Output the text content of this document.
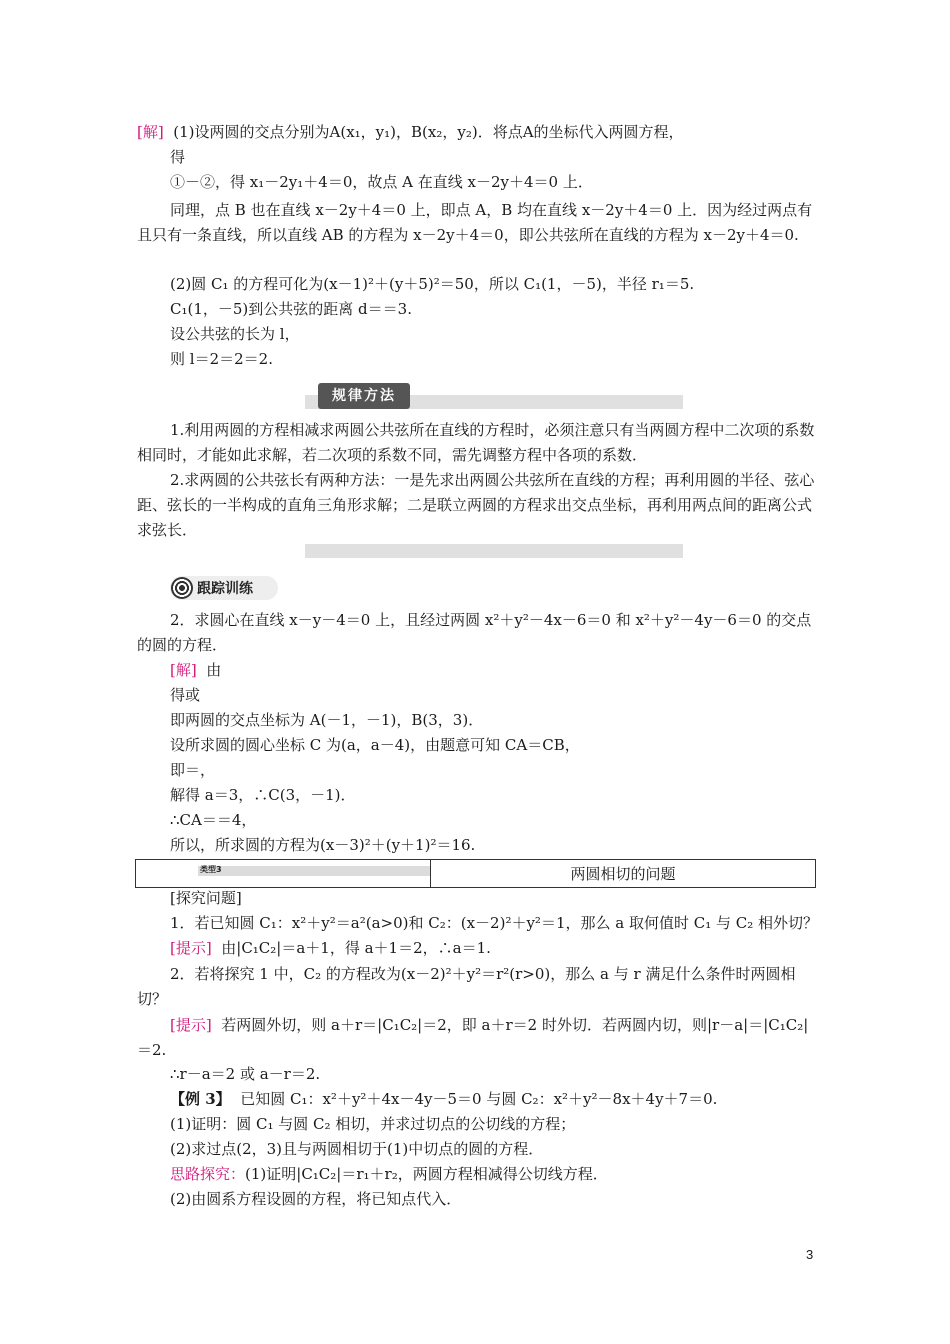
[解] (1)设两圆的交点分别为A(x₁，y₁)，B(x₂，y₂)．将点A的坐标代入两圆方程，
得
①－②，得 x₁－2y₁＋4＝0，故点 A 在直线 x－2y＋4＝0 上．
同理，点 B 也在直线 x－2y＋4＝0 上，即点 A，B 均在直线 x－2y＋4＝0 上．因为经过两点有且只有一条直线，所以直线 AB 的方程为 x－2y＋4＝0，即公共弦所在直线的方程为 x－2y＋4＝0.
(2)圆 C₁ 的方程可化为(x－1)²＋(y＋5)²＝50，所以 C₁(1，－5)，半径 r₁＝5.
C₁(1，－5)到公共弦的距离 d＝＝3.
设公共弦的长为 l，
则 l＝2＝2＝2.
规律方法
1.利用两圆的方程相减求两圆公共弦所在直线的方程时，必须注意只有当两圆方程中二次项的系数相同时，才能如此求解，若二次项的系数不同，需先调整方程中各项的系数．
2.求两圆的公共弦长有两种方法：一是先求出两圆公共弦所在直线的方程；再利用圆的半径、弦心距、弦长的一半构成的直角三角形求解；二是联立两圆的方程求出交点坐标，再利用两点间的距离公式求弦长．
跟踪训练
2．求圆心在直线 x－y－4＝0 上，且经过两圆 x²＋y²－4x－6＝0 和 x²＋y²－4y－6＝0 的交点的圆的方程．
[解] 由
得或
即两圆的交点坐标为 A(－1，－1)，B(3，3)．
设所求圆的圆心坐标 C 为(a，a－4)，由题意可知 CA＝CB，
即＝，
解得 a＝3，∴C(3，－1)．
∴CA＝＝4，
所以，所求圆的方程为(x－3)²＋(y＋1)²＝16.
类型3	两圆相切的问题
[探究问题]
1．若已知圆 C₁：x²＋y²＝a²(a>0)和 C₂：(x－2)²＋y²＝1，那么 a 取何值时 C₁ 与 C₂ 相外切？
[提示] 由|C₁C₂|＝a＋1，得 a＋1＝2，∴a＝1.
2．若将探究 1 中，C₂ 的方程改为(x－2)²＋y²＝r²(r>0)，那么 a 与 r 满足什么条件时两圆相切？
[提示] 若两圆外切，则 a＋r＝|C₁C₂|＝2，即 a＋r＝2 时外切．若两圆内切，则|r－a|＝|C₁C₂|＝2.
∴r－a＝2 或 a－r＝2.
【例 3】 已知圆 C₁：x²＋y²＋4x－4y－5＝0 与圆 C₂：x²＋y²－8x＋4y＋7＝0.
(1)证明：圆 C₁ 与圆 C₂ 相切，并求过切点的公切线的方程；
(2)求过点(2，3)且与两圆相切于(1)中切点的圆的方程．
思路探究：(1)证明|C₁C₂|＝r₁＋r₂，两圆方程相减得公切线方程．
(2)由圆系方程设圆的方程，将已知点代入．
3
